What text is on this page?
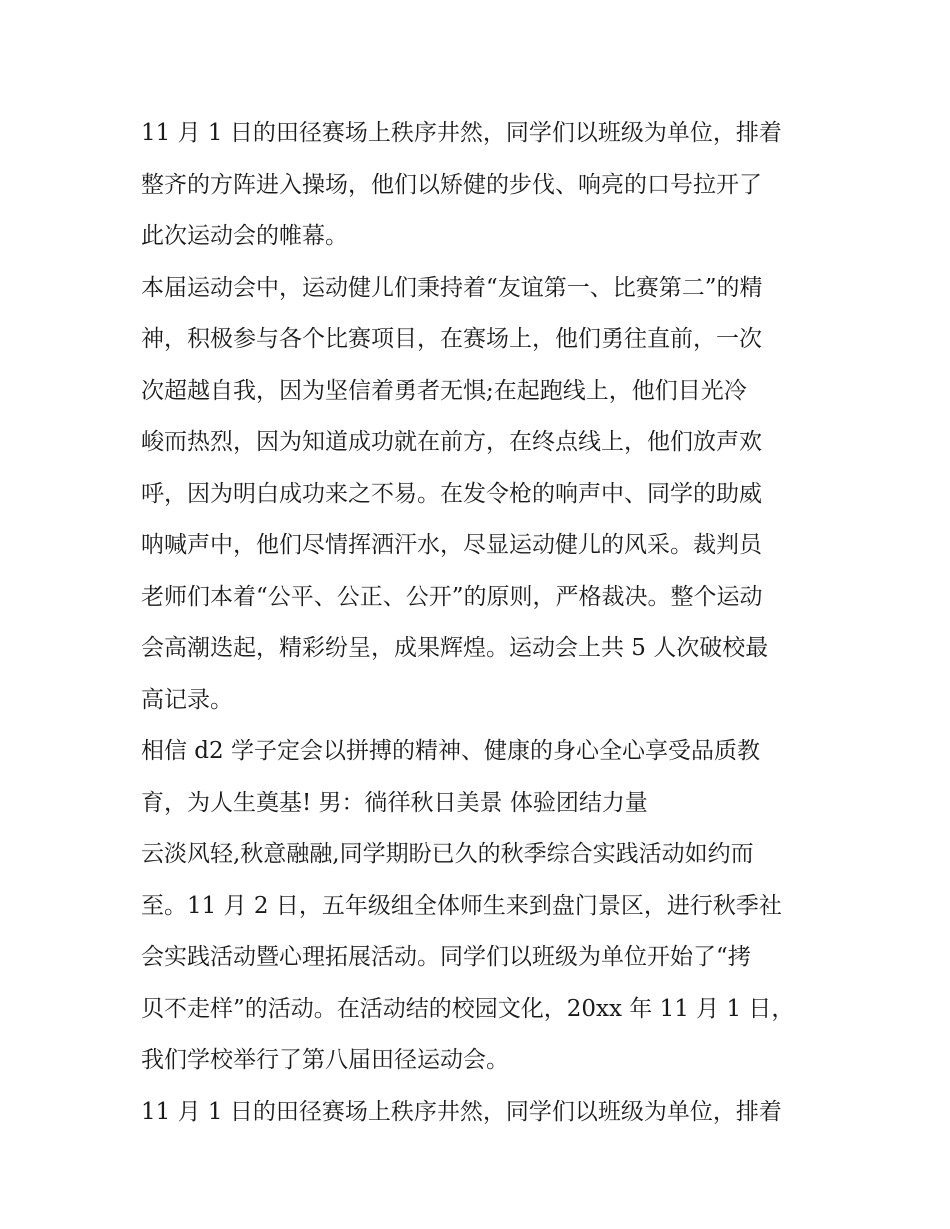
11 月 1 日的田径赛场上秩序井然，同学们以班级为单位，排着
整齐的方阵进入操场，他们以矫健的步伐、响亮的口号拉开了
此次运动会的帷幕。
本届运动会中，运动健儿们秉持着“友谊第一、比赛第二”的精
神，积极参与各个比赛项目，在赛场上，他们勇往直前，一次
次超越自我，因为坚信着勇者无惧;在起跑线上，他们目光冷
峻而热烈，因为知道成功就在前方，在终点线上，他们放声欢
呼，因为明白成功来之不易。在发令枪的响声中、同学的助威
呐喊声中，他们尽情挥洒汗水，尽显运动健儿的风采。裁判员
老师们本着“公平、公正、公开”的原则，严格裁决。整个运动
会高潮迭起，精彩纷呈，成果辉煌。运动会上共 5 人次破校最
高记录。
相信 d2 学子定会以拼搏的精神、健康的身心全心享受品质教
育，为人生奠基! 男：徜徉秋日美景 体验团结力量
云淡风轻,秋意融融,同学期盼已久的秋季综合实践活动如约而
至。11 月 2 日，五年级组全体师生来到盘门景区，进行秋季社
会实践活动暨心理拓展活动。同学们以班级为单位开始了“拷
贝不走样”的活动。在活动结的校园文化，20xx 年 11 月 1 日，
我们学校举行了第八届田径运动会。
11 月 1 日的田径赛场上秩序井然，同学们以班级为单位，排着
